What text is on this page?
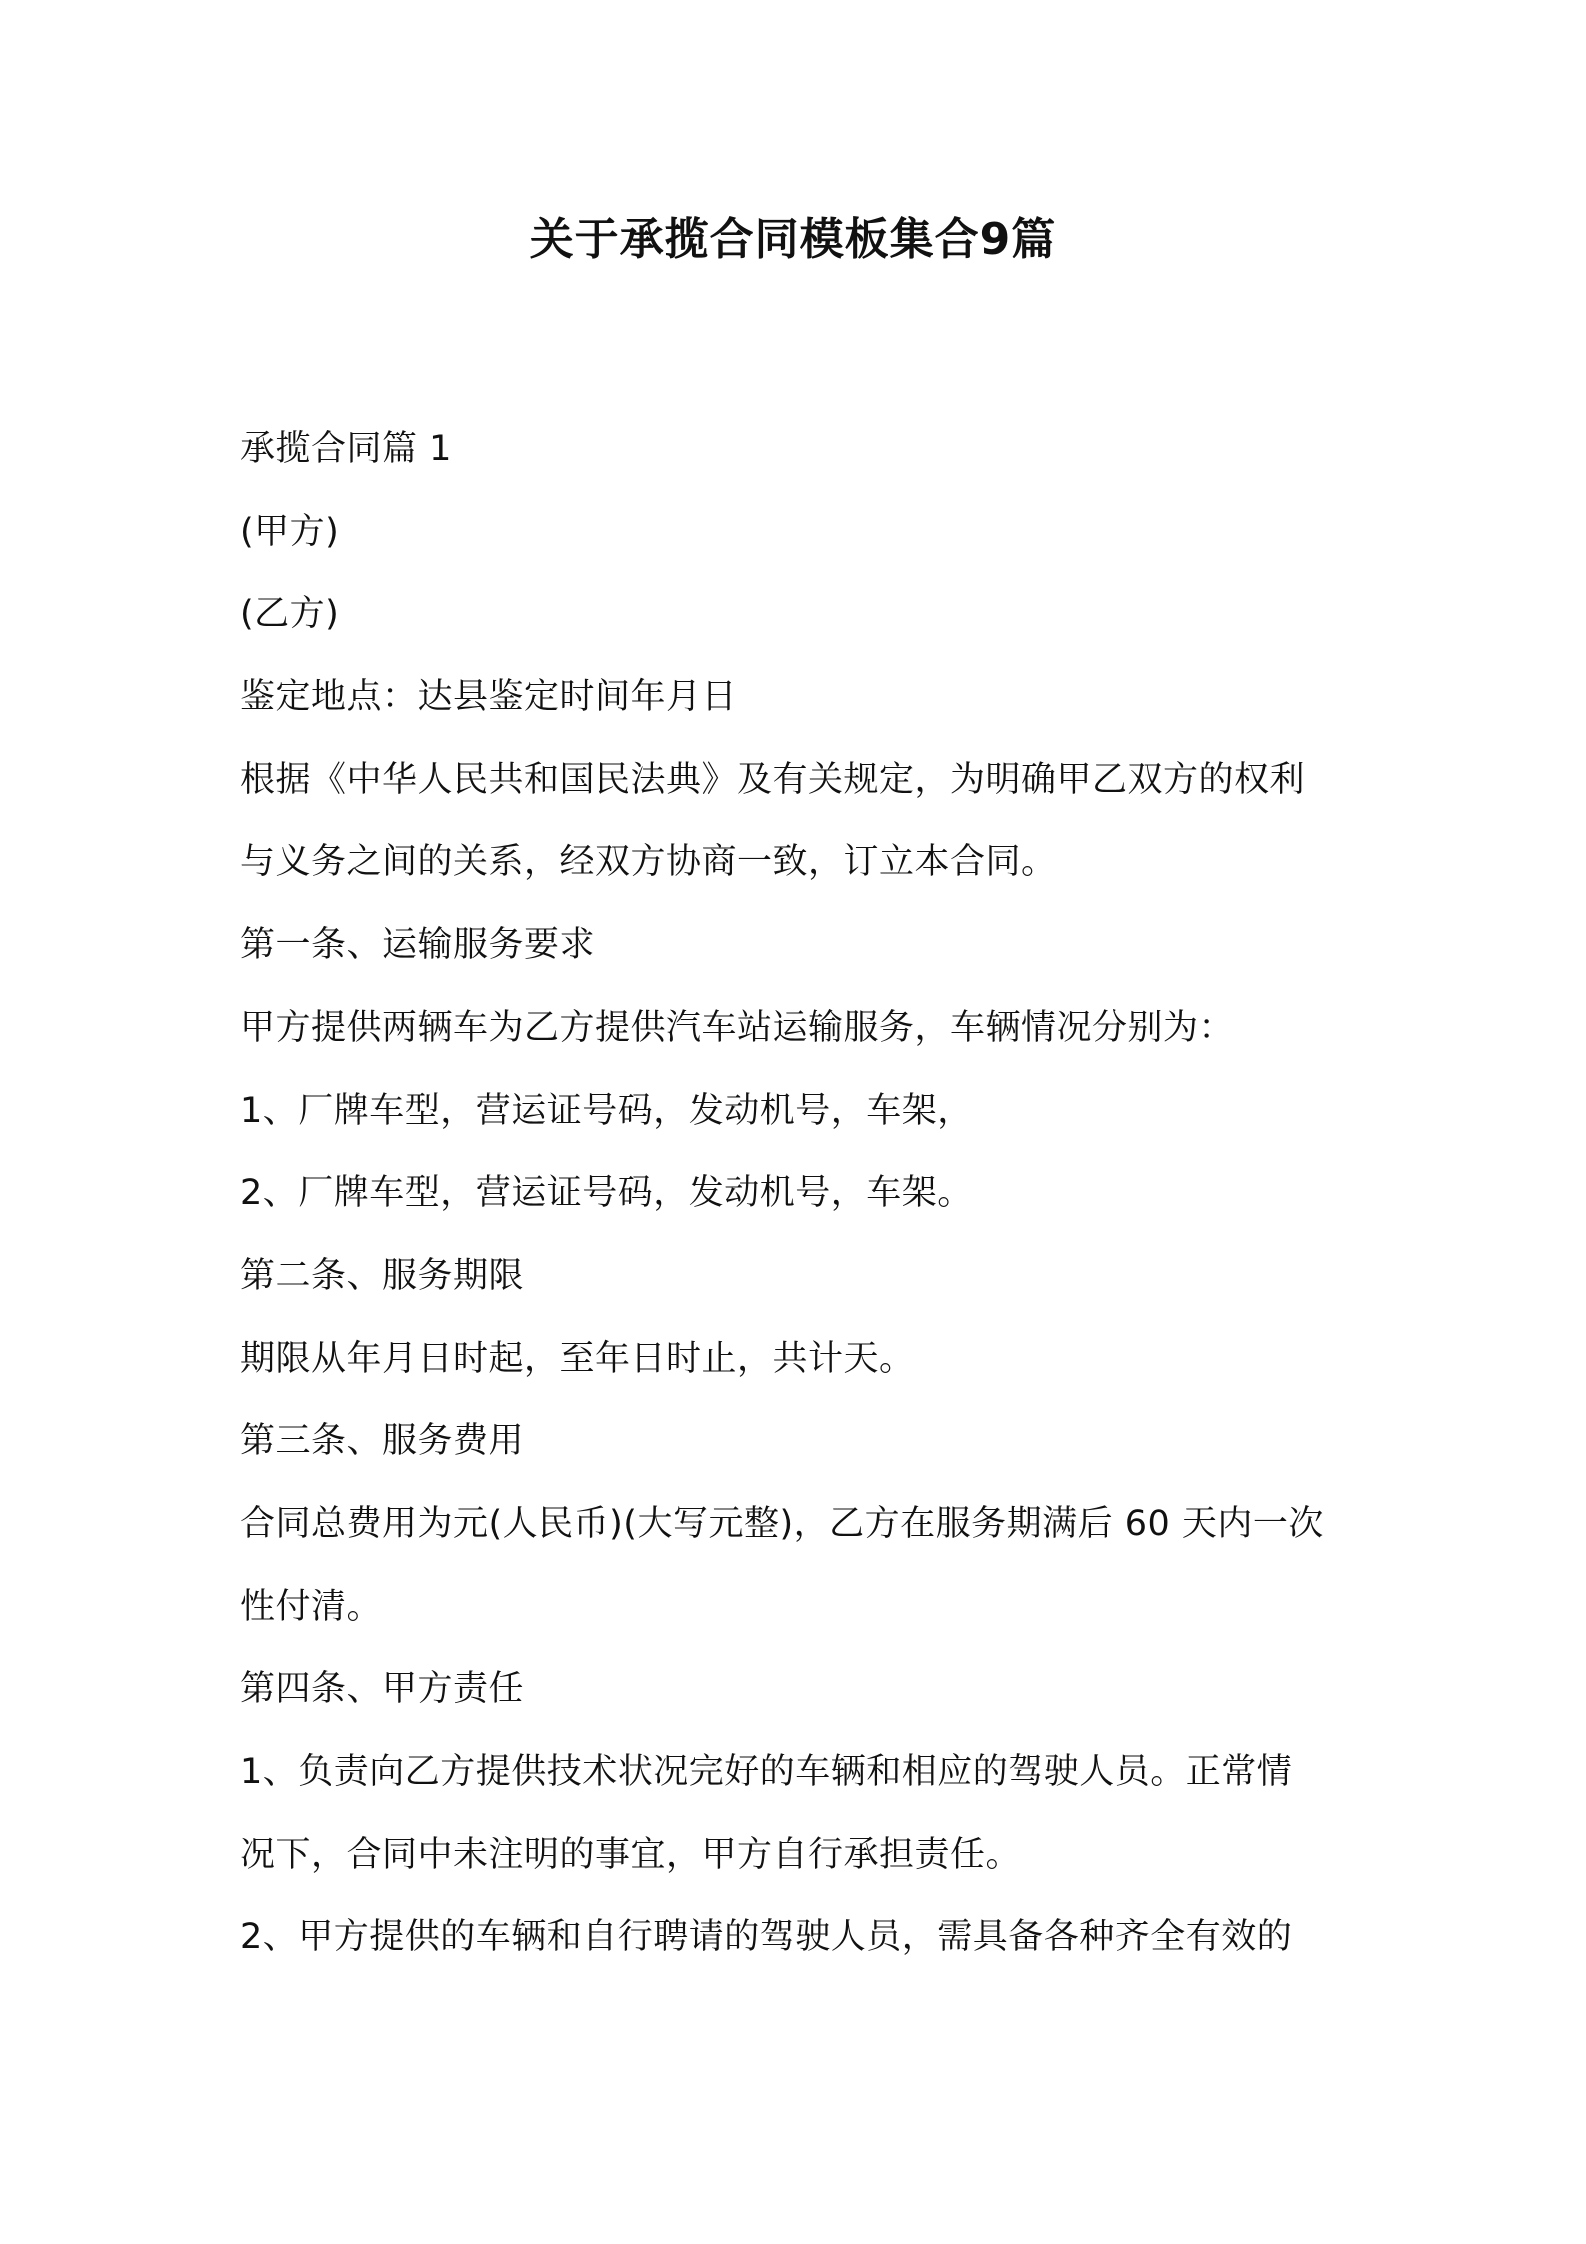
关于承揽合同模板集合9篇
承揽合同篇 1
(甲方)
(乙方)
鉴定地点：达县鉴定时间年月日
根据《中华人民共和国民法典》及有关规定，为明确甲乙双方的权利
与义务之间的关系，经双方协商一致，订立本合同。
第一条、运输服务要求
甲方提供两辆车为乙方提供汽车站运输服务，车辆情况分别为：
1、厂牌车型，营运证号码，发动机号，车架，
2、厂牌车型，营运证号码，发动机号，车架。
第二条、服务期限
期限从年月日时起，至年日时止，共计天。
第三条、服务费用
合同总费用为元(人民币)(大写元整)，乙方在服务期满后 60 天内一次
性付清。
第四条、甲方责任
1、负责向乙方提供技术状况完好的车辆和相应的驾驶人员。正常情
况下，合同中未注明的事宜，甲方自行承担责任。
2、甲方提供的车辆和自行聘请的驾驶人员，需具备各种齐全有效的
